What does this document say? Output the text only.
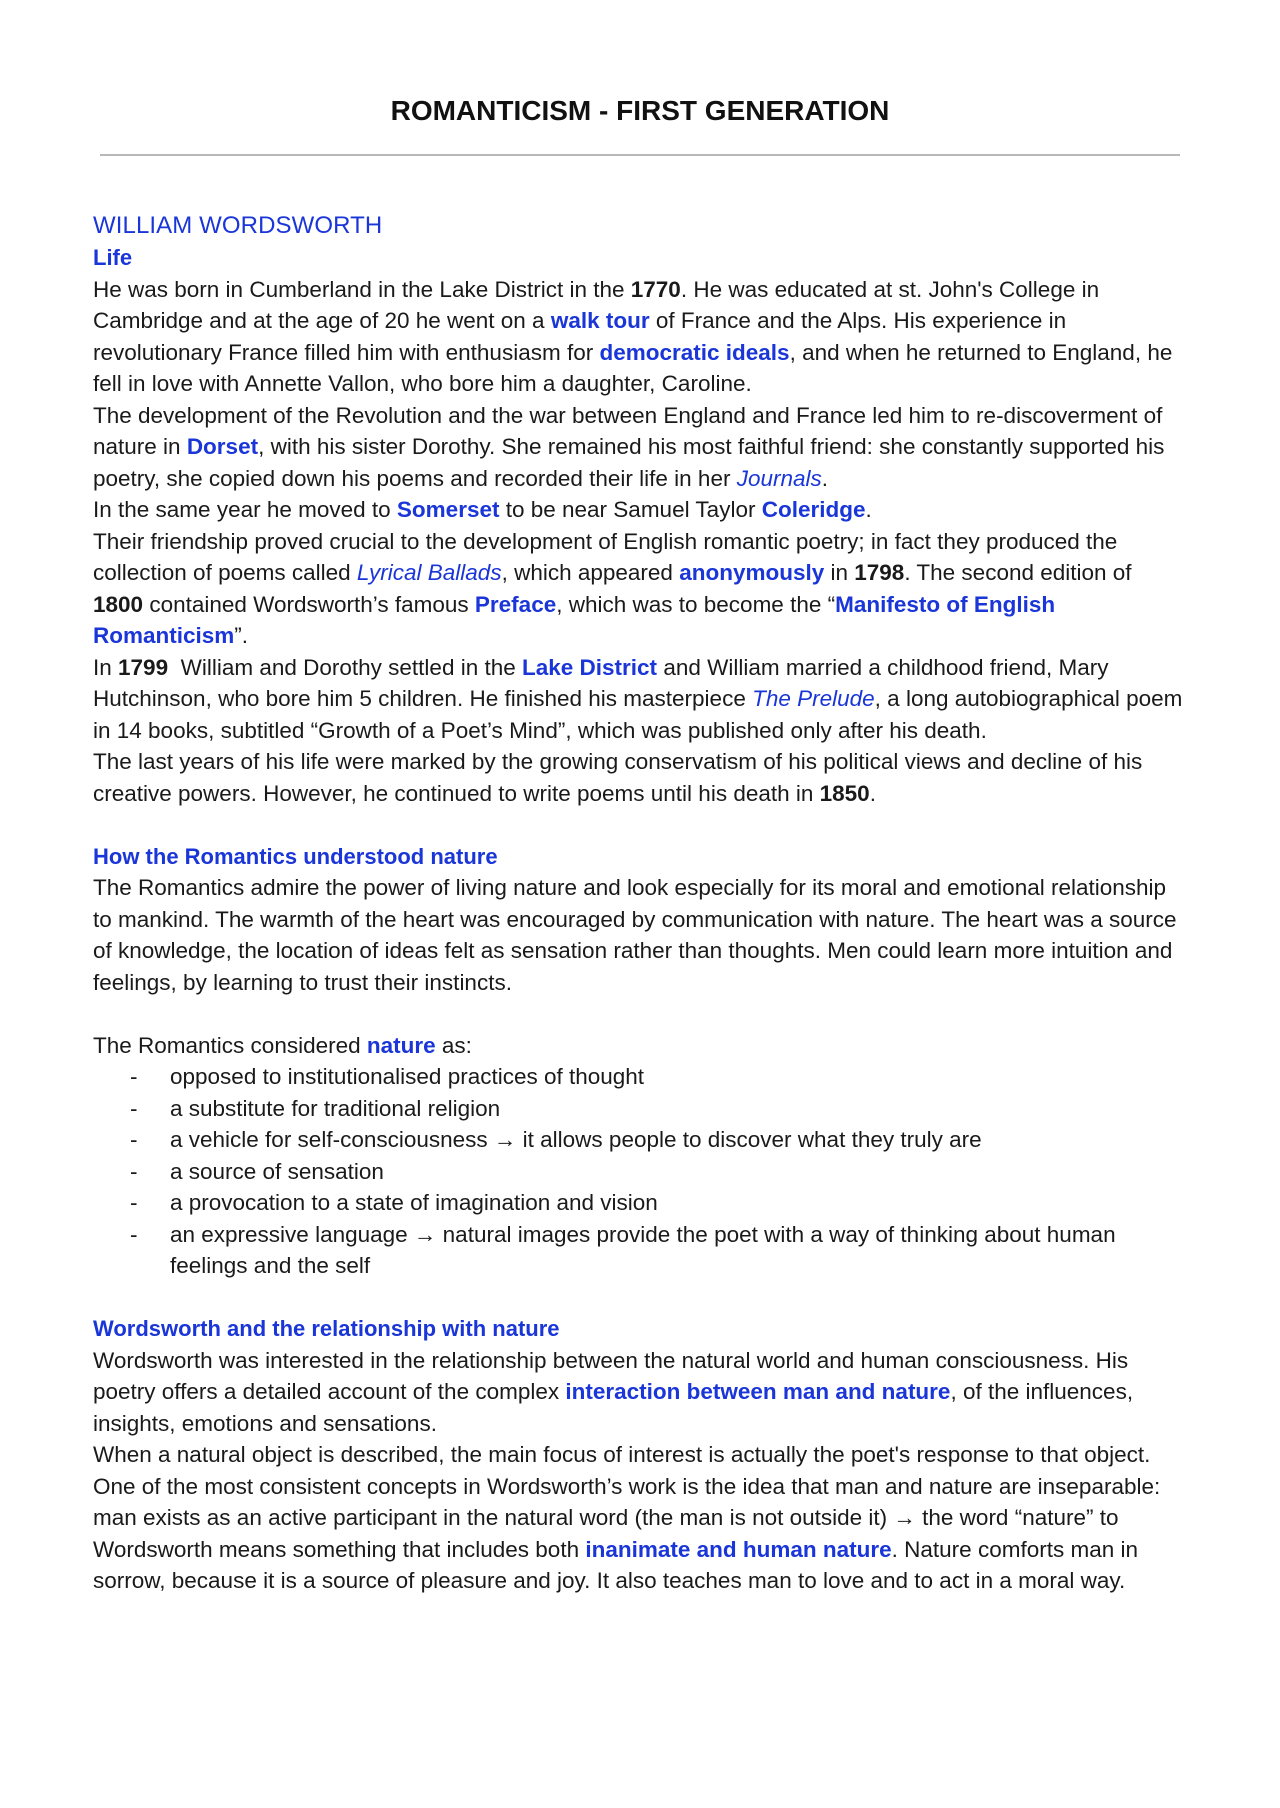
ROMANTICISM - FIRST GENERATION
WILLIAM WORDSWORTH
Life

He was born in Cumberland in the Lake District in the 1770. He was educated at st. John's College in Cambridge and at the age of 20 he went on a walk tour of France and the Alps. His experience in revolutionary France filled him with enthusiasm for democratic ideals, and when he returned to England, he fell in love with Annette Vallon, who bore him a daughter, Caroline.

The development of the Revolution and the war between England and France led him to re-discoverment of nature in Dorset, with his sister Dorothy. She remained his most faithful friend: she constantly supported his poetry, she copied down his poems and recorded their life in her Journals.

In the same year he moved to Somerset to be near Samuel Taylor Coleridge.

Their friendship proved crucial to the development of English romantic poetry; in fact they produced the collection of poems called Lyrical Ballads, which appeared anonymously in 1798. The second edition of 1800 contained Wordsworth’s famous Preface, which was to become the “Manifesto of English Romanticism”.

In 1799  William and Dorothy settled in the Lake District and William married a childhood friend, Mary Hutchinson, who bore him 5 children. He finished his masterpiece The Prelude, a long autobiographical poem in 14 books, subtitled “Growth of a Poet’s Mind”, which was published only after his death.

The last years of his life were marked by the growing conservatism of his political views and decline of his creative powers. However, he continued to write poems until his death in 1850.

How the Romantics understood nature

The Romantics admire the power of living nature and look especially for its moral and emotional relationship to mankind. The warmth of the heart was encouraged by communication with nature. The heart was a source of knowledge, the location of ideas felt as sensation rather than thoughts. Men could learn more intuition and feelings, by learning to trust their instincts.

The Romantics considered nature as:

- opposed to institutionalised practices of thought
- a substitute for traditional religion
- a vehicle for self-consciousness → it allows people to discover what they truly are
- a source of sensation
- a provocation to a state of imagination and vision
- an expressive language → natural images provide the poet with a way of thinking about human feelings and the self
Wordsworth and the relationship with nature

Wordsworth was interested in the relationship between the natural world and human consciousness. His poetry offers a detailed account of the complex interaction between man and nature, of the influences, insights, emotions and sensations.

When a natural object is described, the main focus of interest is actually the poet's response to that object. One of the most consistent concepts in Wordsworth’s work is the idea that man and nature are inseparable: man exists as an active participant in the natural word (the man is not outside it) → the word “nature” to Wordsworth means something that includes both inanimate and human nature. Nature comforts man in sorrow, because it is a source of pleasure and joy. It also teaches man to love and to act in a moral way.
